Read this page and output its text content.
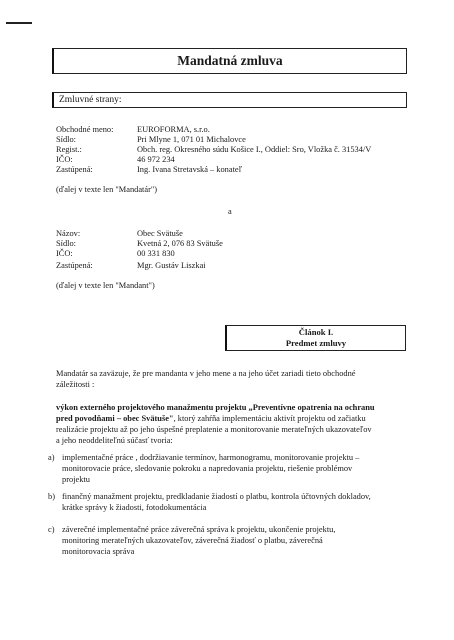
Mandatná zmluva
Zmluvné strany:
Obchodné meno:	EUROFORMA, s.r.o.
Sídlo:	Pri Mlyne 1, 071 01 Michalovce
Regist.:	Obch. reg. Okresného súdu Košice I., Oddiel: Sro, Vložka č. 31534/V
IČO:	46 972 234
Zastúpená:	Ing. Ivana Stretavská – konateľ
(ďalej v texte len "Mandatár")
a
Názov:	Obec Svätuše
Sídlo:	Kvetná 2, 076 83 Svätuše
IČO:	00 331 830
Zastúpená:	Mgr. Gustáv Liszkai
(ďalej v texte len "Mandant")
Článok I.
Predmet zmluvy
Mandatár sa zaväzuje, že pre mandanta v jeho mene a na jeho účet zariadi tieto obchodné
záležitosti :
výkon externého projektového manažmentu projektu „Preventívne opatrenia na ochranu
pred povodňami – obec Svätuše", ktorý zahŕňa implementáciu aktivít projektu od začiatku
realizácie projektu až po jeho úspešné preplatenie a monitorovanie merateľných ukazovateľov
a jeho neoddeliteľnú súčasť tvoria:
a) implementačné práce , dodržiavanie termínov, harmonogramu, monitorovanie projektu –
monitorovacie práce, sledovanie pokroku a napredovania projektu, riešenie problémov
projektu
b) finančný manažment projektu, predkladanie žiadostí o platbu, kontrola účtovných dokladov,
krátke správy k žiadosti, fotodokumentácia
c) záverečné implementačné práce záverečná správa k projektu, ukončenie projektu,
monitoring merateľných ukazovateľov, záverečná žiadosť o platbu, záverečná
monitorovacia správa
